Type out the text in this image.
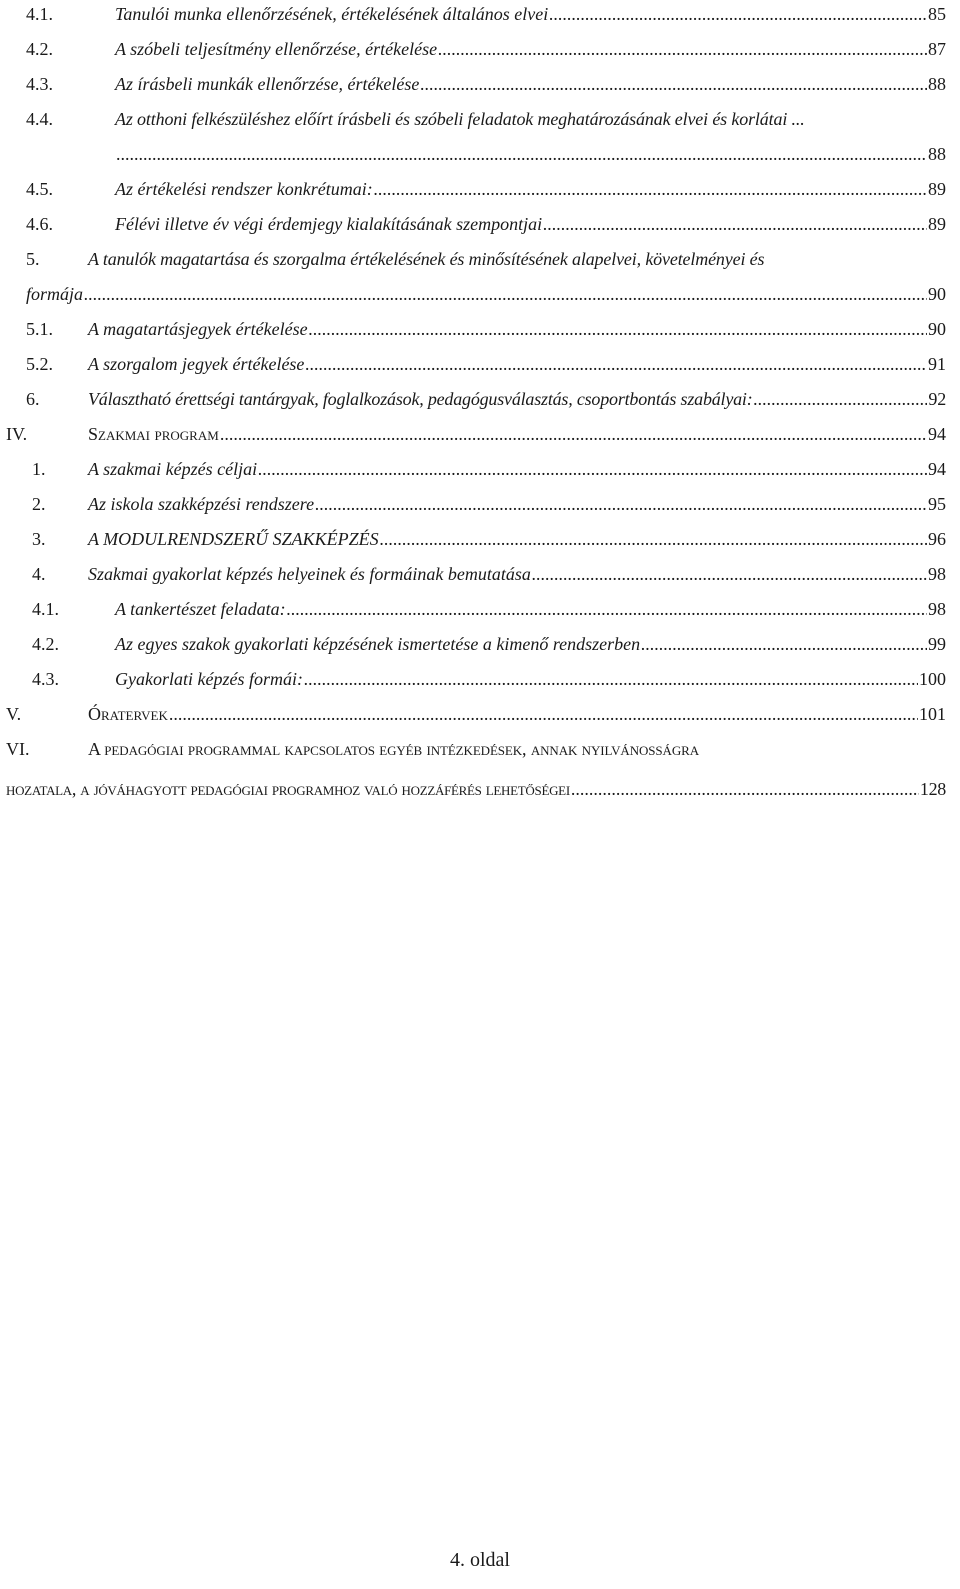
4.1.	Tanulói munka ellenőrzésének, értékelésének általános elvei .....	85
4.2.	A szóbeli teljesítmény ellenőrzése, értékelése .....	87
4.3.	Az írásbeli munkák ellenőrzése, értékelése .....	88
4.4.	Az otthoni felkészüléshez előírt írásbeli és szóbeli feladatok meghatározásának elvei és korlátai ...
.....
88
4.5.	Az értékelési rendszer konkrétumai: .....	89
4.6.	Félévi illetve év végi érdemjegy kialakításának szempontjai .....	89
5.	A tanulók magatartása és szorgalma értékelésének és minősítésének alapelvei, követelményei és
formája .....	90
5.1. A magatartásjegyek értékelése .....	90
5.2. A szorgalom jegyek értékelése .....	91
6.	Választható érettségi tantárgyak, foglalkozások, pedagógusválasztás, csoportbontás szabályai: .....	92
IV.	Szakmai program .....	94
1. A szakmai képzés céljai .....	94
2. Az iskola szakképzési rendszere .....	95
3. A MODULRENDSZERŰ SZAKKÉPZÉS .....	96
4. Szakmai gyakorlat képzés helyeinek és formáinak bemutatása .....	98
4.1.	A tankertészet feladata: .....	98
4.2.	Az egyes szakok gyakorlati képzésének ismertetése a kimenő rendszerben .....	99
4.3.	Gyakorlati képzés formái: .....	100
V.	Óratervek .....	101
VI.	A pedagógiai programmal kapcsolatos egyéb intézkedések, annak nyilvánosságra
hozatala, a jóváhagyott pedagógiai programhoz való hozzáférés lehetőségei .....	128
4. oldal
